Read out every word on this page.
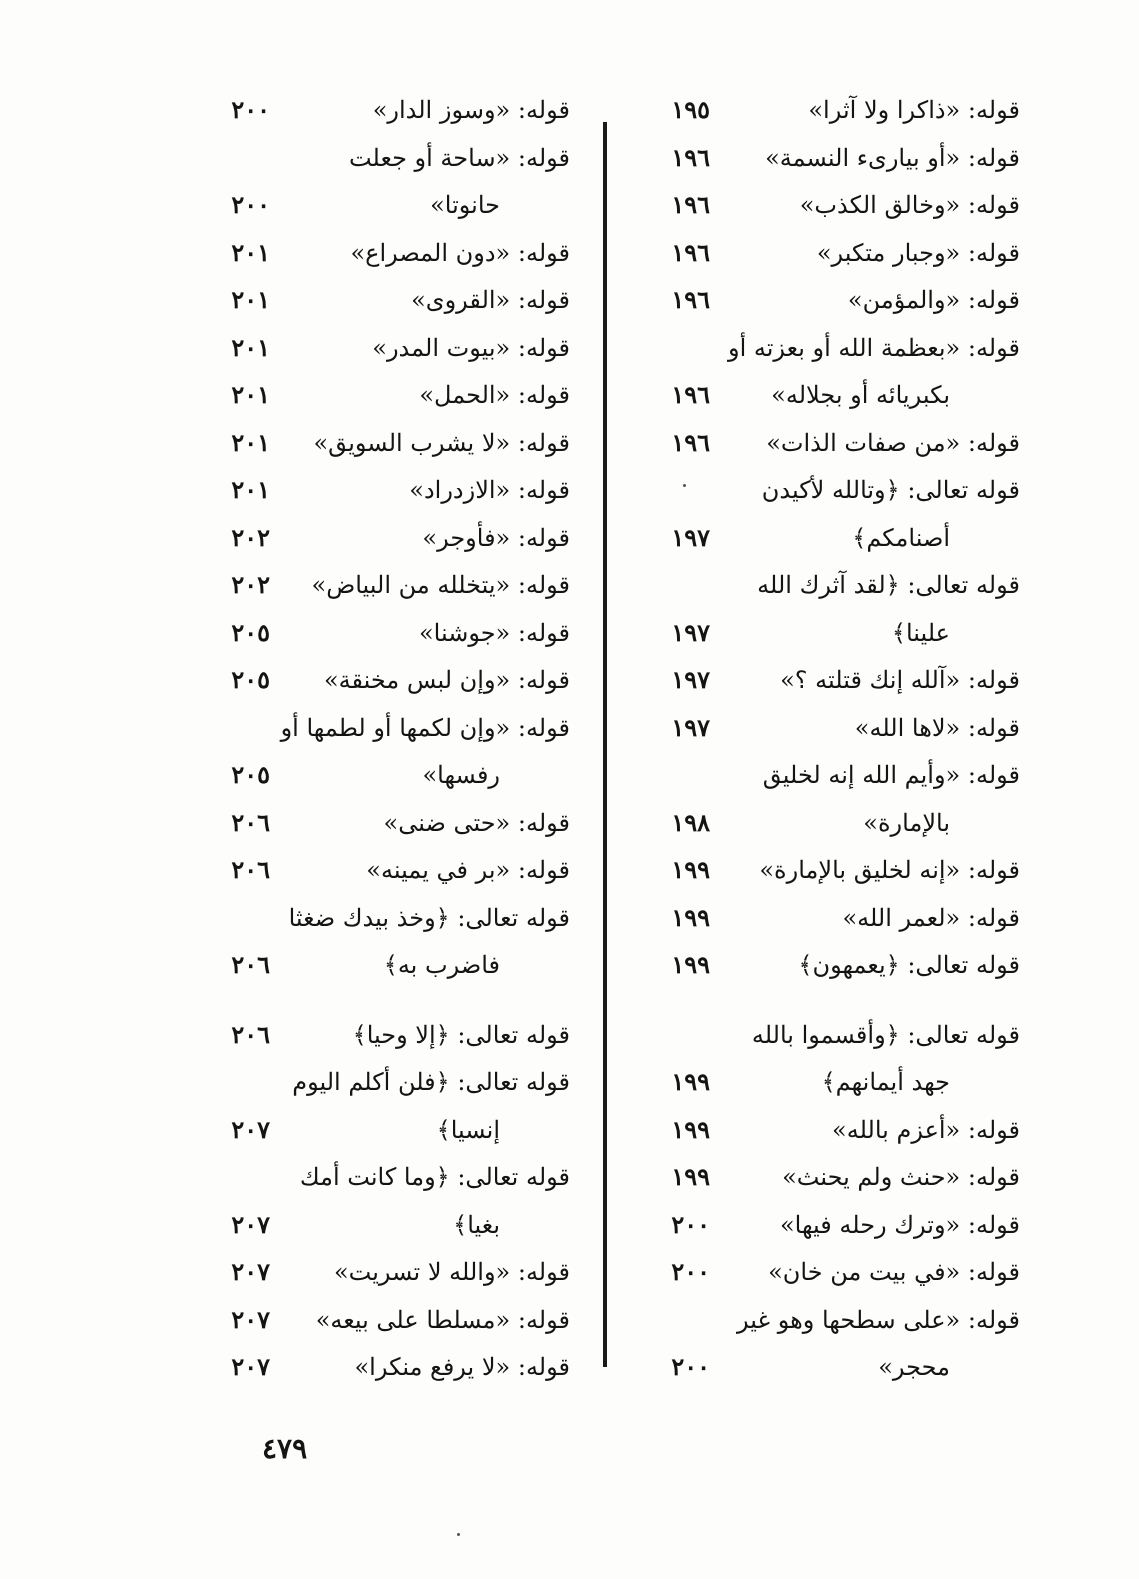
قوله: «ذاكرا ولا آثرا»
١٩٥
قوله: «أو بيارىء النسمة»
١٩٦
قوله: «وخالق الكذب»
١٩٦
قوله: «وجبار متكبر»
١٩٦
قوله: «والمؤمن»
١٩٦
قوله: «بعظمة الله أو بعزته أو
بكبريائه أو بجلاله»
١٩٦
قوله: «من صفات الذات»
١٩٦
قوله تعالى: ﴿وتالله لأكيدن
أصنامكم﴾
١٩٧
قوله تعالى: ﴿لقد آثرك الله
علينا﴾
١٩٧
قوله: «آلله إنك قتلته ؟»
١٩٧
قوله: «لاها الله»
١٩٧
قوله: «وأيم الله إنه لخليق
بالإمارة»
١٩٨
قوله: «إنه لخليق بالإمارة»
١٩٩
قوله: «لعمر الله»
١٩٩
قوله تعالى: ﴿يعمهون﴾
١٩٩
قوله تعالى: ﴿وأقسموا بالله
جهد أيمانهم﴾
١٩٩
قوله: «أعزم بالله»
١٩٩
قوله: «حنث ولم يحنث»
١٩٩
قوله: «وترك رحله فيها»
٢٠٠
قوله: «في بيت من خان»
٢٠٠
قوله: «على سطحها وهو غير
محجر»
٢٠٠
قوله: «وسوز الدار»
٢٠٠
قوله: «ساحة أو جعلت
حانوتا»
٢٠٠
قوله: «دون المصراع»
٢٠١
قوله: «القروى»
٢٠١
قوله: «بيوت المدر»
٢٠١
قوله: «الحمل»
٢٠١
قوله: «لا يشرب السويق»
٢٠١
قوله: «الازدراد»
٢٠١
قوله: «فأوجر»
٢٠٢
قوله: «يتخلله من البياض»
٢٠٢
قوله: «جوشنا»
٢٠٥
قوله: «وإن لبس مخنقة»
٢٠٥
قوله: «وإن لكمها أو لطمها أو
رفسها»
٢٠٥
قوله: «حتى ضنى»
٢٠٦
قوله: «بر في يمينه»
٢٠٦
قوله تعالى: ﴿وخذ بيدك ضغثا
فاضرب به﴾
٢٠٦
قوله تعالى: ﴿إلا وحيا﴾
٢٠٦
قوله تعالى: ﴿فلن أكلم اليوم
إنسيا﴾
٢٠٧
قوله تعالى: ﴿وما كانت أمك
بغيا﴾
٢٠٧
قوله: «والله لا تسريت»
٢٠٧
قوله: «مسلطا على بيعه»
٢٠٧
قوله: «لا يرفع منكرا»
٢٠٧
٤٧٩
